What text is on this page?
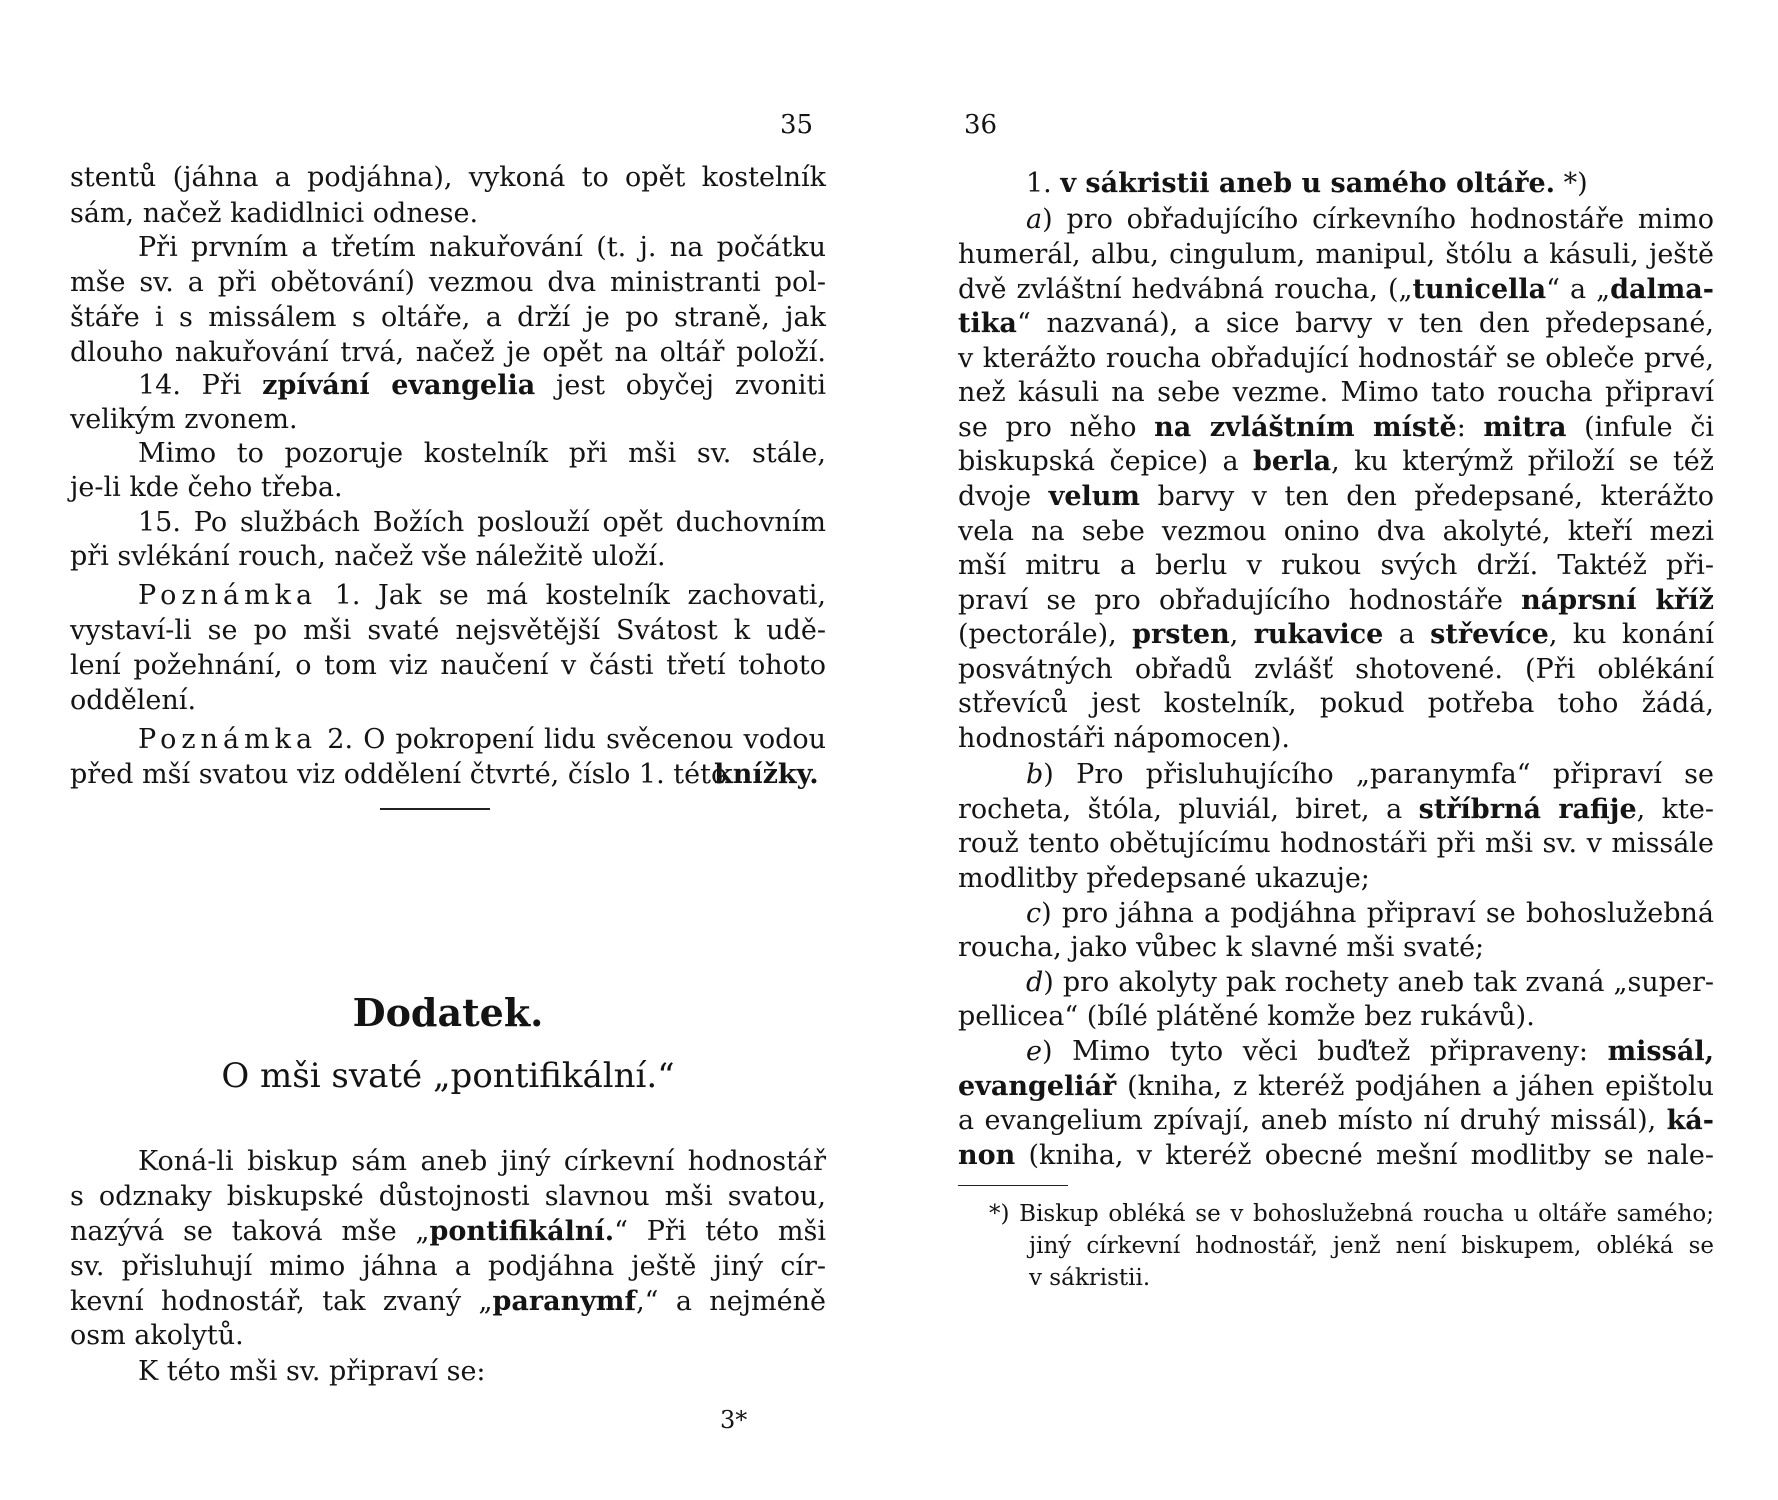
35
stentů (jáhna a podjáhna), vykoná to opět kostelník
sám, načež kadidlnici odnese.
Při prvním a třetím nakuřování (t. j. na počátku
mše sv. a při obětování) vezmou dva ministranti pol-
štáře i s missálem s oltáře, a drží je po straně, jak
dlouho nakuřování trvá, načež je opět na oltář položí.
14. Při zpívání evangelia jest obyčej zvoniti
velikým zvonem.
Mimo to pozoruje kostelník při mši sv. stále,
je-li kde čeho třeba.
15. Po službách Božích poslouží opět duchovním
při svlékání rouch, načež vše náležitě uloží.
Poznámka 1. Jak se má kostelník zachovati,
vystaví-li se po mši svaté nejsvětější Svátost k udě-
lení požehnání, o tom viz naučení v části třetí tohoto
oddělení.
Poznámka 2. O pokropení lidu svěcenou vodou
před mší svatou viz oddělení čtvrté, číslo 1. této
knížky.
Dodatek.
O mši svaté „pontifikální.“
Koná-li biskup sám aneb jiný církevní hodnostář
s odznaky biskupské důstojnosti slavnou mši svatou,
nazývá se taková mše „pontifikální.“ Při této mši
sv. přisluhují mimo jáhna a podjáhna ještě jiný cír-
kevní hodnostář, tak zvaný „paranymf,“ a nejméně
osm akolytů.
K této mši sv. připraví se:
3*
36
1. v sákristii aneb u samého oltáře. *)
a) pro obřadujícího církevního hodnostáře mimo
humerál, albu, cingulum, manipul, štólu a kásuli, ještě
dvě zvláštní hedvábná roucha, („tunicella“ a „dalma-
tika“ nazvaná), a sice barvy v ten den předepsané,
v kterážto roucha obřadující hodnostář se obleče prvé,
než kásuli na sebe vezme. Mimo tato roucha připraví
se pro něho na zvláštním místě: mitra (infule či
biskupská čepice) a berla, ku kterýmž přiloží se též
dvoje velum barvy v ten den předepsané, kterážto
vela na sebe vezmou onino dva akolyté, kteří mezi
mší mitru a berlu v rukou svých drží. Taktéž při-
praví se pro obřadujícího hodnostáře náprsní kříž
(pectorále), prsten, rukavice a střevíce, ku konání
posvátných obřadů zvlášť shotovené. (Při oblékání
střevíců jest kostelník, pokud potřeba toho žádá,
hodnostáři nápomocen).
b) Pro přisluhujícího „paranymfa“ připraví se
rocheta, štóla, pluviál, biret, a stříbrná rafije, kte-
rouž tento obětujícímu hodnostáři při mši sv. v missále
modlitby předepsané ukazuje;
c) pro jáhna a podjáhna připraví se bohoslužebná
roucha, jako vůbec k slavné mši svaté;
d) pro akolyty pak rochety aneb tak zvaná „super-
pellicea“ (bílé plátěné komže bez rukávů).
e) Mimo tyto věci buďtež připraveny: missál,
evangeliář (kniha, z kteréž podjáhen a jáhen epištolu
a evangelium zpívají, aneb místo ní druhý missál), ká-
non (kniha, v kteréž obecné mešní modlitby se nale-
*) Biskup obléká se v bohoslužebná roucha u oltáře samého;
jiný církevní hodnostář, jenž není biskupem, obléká se
v sákristii.
